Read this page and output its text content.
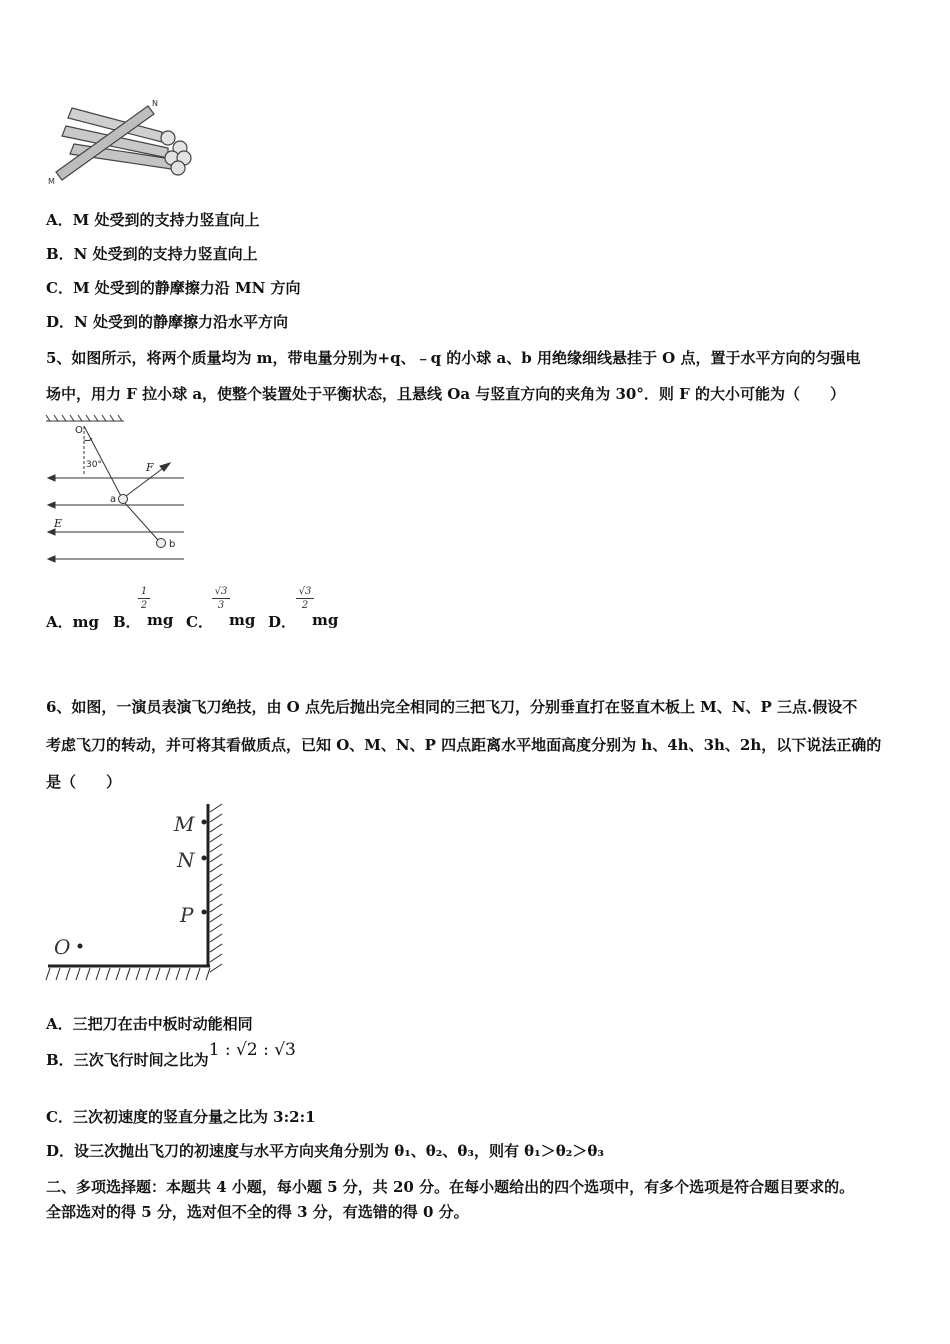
N
M
A．M 处受到的支持力竖直向上
B．N 处受到的支持力竖直向上
C．M 处受到的静摩擦力沿 MN 方向
D．N 处受到的静摩擦力沿水平方向
5、如图所示，将两个质量均为 m，带电量分别为+q、﹣q 的小球 a、b 用绝缘细线悬挂于 O 点，置于水平方向的匀强电
场中，用力 F 拉小球 a，使整个装置处于平衡状态，且悬线 Oa 与竖直方向的夹角为 30°．则 F 的大小可能为（　　）
O
30°	F
a
E
b
A．mg B．
1
2
mg C．
√3
3
mg D．
√3
2
mg
6、如图，一演员表演飞刀绝技，由 O 点先后抛出完全相同的三把飞刀，分别垂直打在竖直木板上 M、N、P 三点.假设不
考虑飞刀的转动，并可将其看做质点，已知 O、M、N、P 四点距离水平地面高度分别为 h、4h、3h、2h，以下说法正确的
是（　　）
M
N
P
O
A．三把刀在击中板时动能相同
B．三次飞行时间之比为1 : √2 : √3
C．三次初速度的竖直分量之比为 3:2:1
D．设三次抛出飞刀的初速度与水平方向夹角分别为 θ₁、θ₂、θ₃，则有 θ₁＞θ₂＞θ₃
二、多项选择题：本题共 4 小题，每小题 5 分，共 20 分。在每小题给出的四个选项中，有多个选项是符合题目要求的。
全部选对的得 5 分，选对但不全的得 3 分，有选错的得 0 分。
